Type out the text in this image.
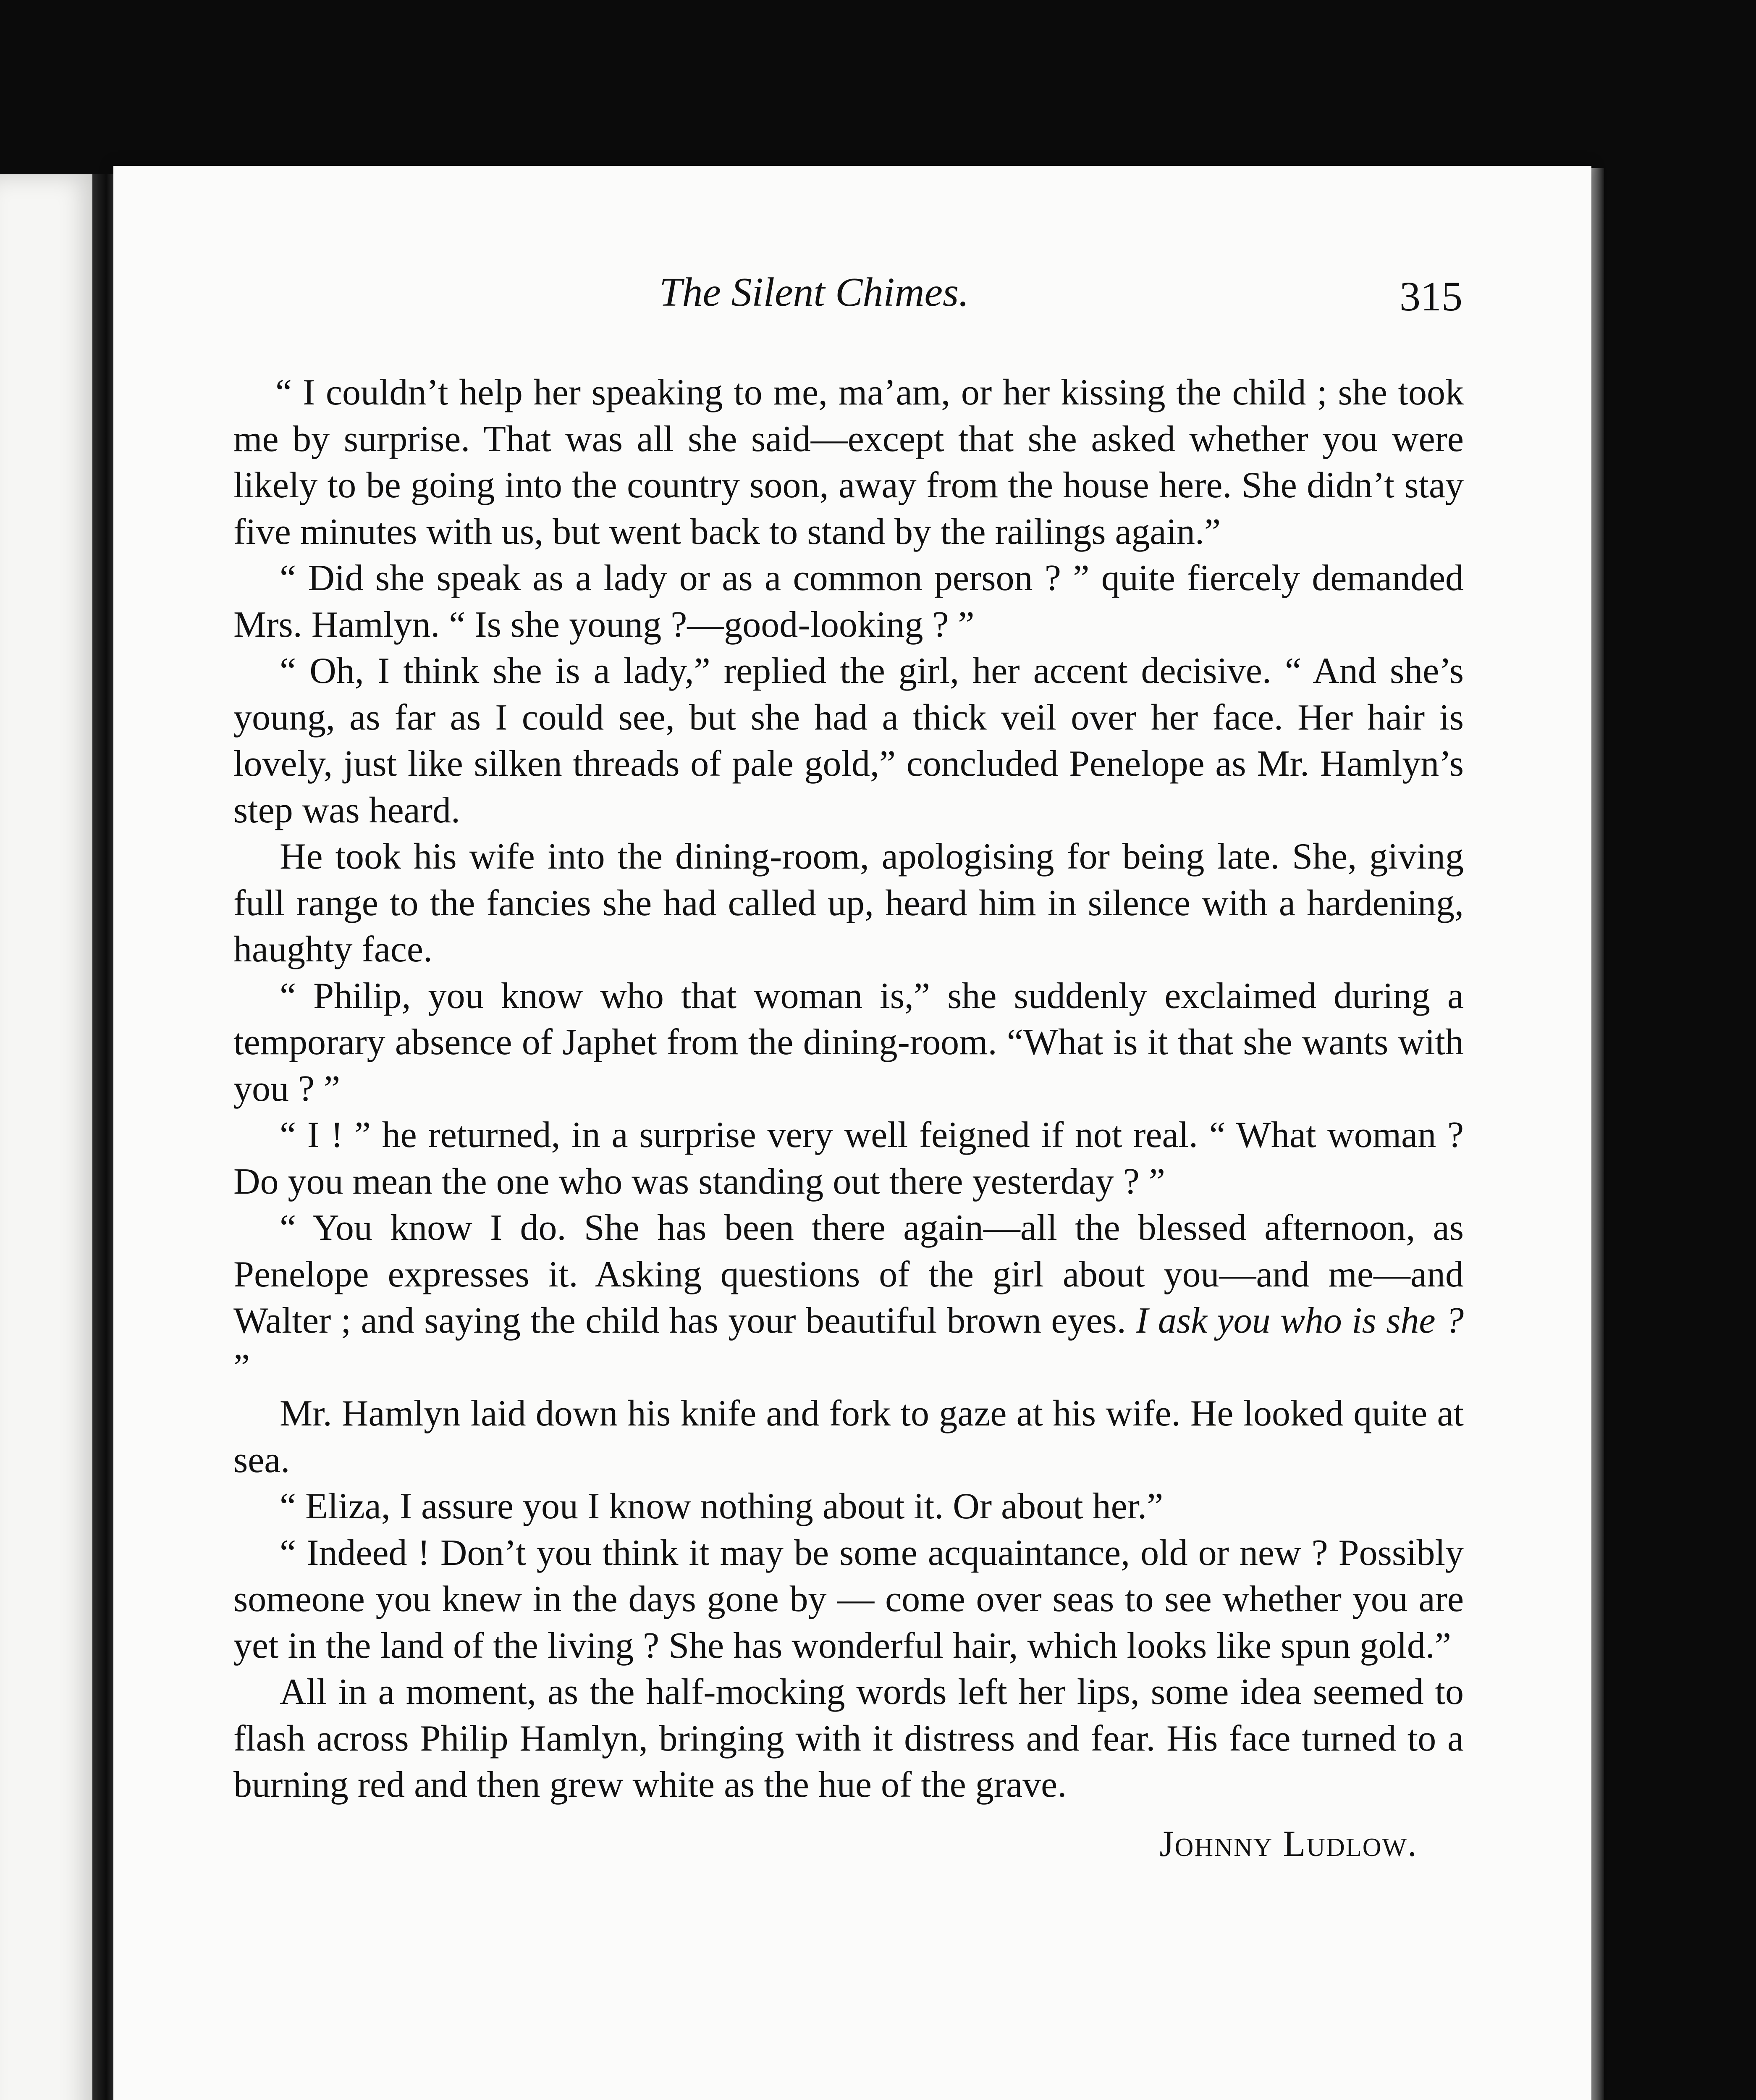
The Silent Chimes.	315

“ I couldn’t help her speaking to me, ma’am, or her kissing the child ; she took me by surprise. That was all she said—except that she asked whether you were likely to be going into the country soon, away from the house here. She didn’t stay five minutes with us, but went back to stand by the railings again.”

“ Did she speak as a lady or as a common person ? ” quite fiercely demanded Mrs. Hamlyn. “ Is she young ?—good-looking ? ”

“ Oh, I think she is a lady,” replied the girl, her accent decisive. “ And she’s young, as far as I could see, but she had a thick veil over her face. Her hair is lovely, just like silken threads of pale gold,” concluded Penelope as Mr. Hamlyn’s step was heard.

He took his wife into the dining-room, apologising for being late. She, giving full range to the fancies she had called up, heard him in silence with a hardening, haughty face.

“ Philip, you know who that woman is,” she suddenly exclaimed during a temporary absence of Japhet from the dining-room. “What is it that she wants with you ? ”

“ I ! ” he returned, in a surprise very well feigned if not real. “ What woman ? Do you mean the one who was standing out there yesterday ? ”

“ You know I do. She has been there again—all the blessed afternoon, as Penelope expresses it. Asking questions of the girl about you—and me—and Walter ; and saying the child has your beautiful brown eyes. I ask you who is she ? ”

Mr. Hamlyn laid down his knife and fork to gaze at his wife. He looked quite at sea.

“ Eliza, I assure you I know nothing about it. Or about her.”

“ Indeed ! Don’t you think it may be some acquaintance, old or new ? Possibly someone you knew in the days gone by — come over seas to see whether you are yet in the land of the living ? She has wonderful hair, which looks like spun gold.”

All in a moment, as the half-mocking words left her lips, some idea seemed to flash across Philip Hamlyn, bringing with it distress and fear. His face turned to a burning red and then grew white as the hue of the grave.

Johnny Ludlow.
